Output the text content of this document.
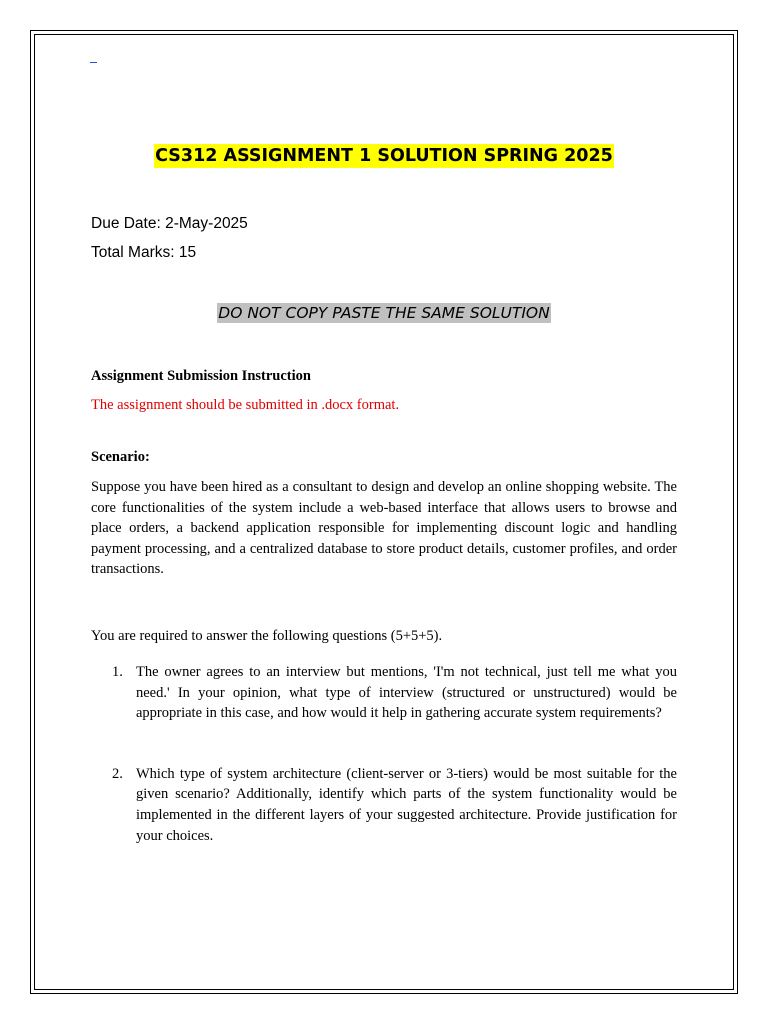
CS312 ASSIGNMENT 1 SOLUTION SPRING 2025
Due Date: 2-May-2025
Total Marks: 15
DO NOT COPY PASTE THE SAME SOLUTION
Assignment Submission Instruction
The assignment should be submitted in .docx format.
Scenario:
Suppose you have been hired as a consultant to design and develop an online shopping website. The core functionalities of the system include a web-based interface that allows users to browse and place orders, a backend application responsible for implementing discount logic and handling payment processing, and a centralized database to store product details, customer profiles, and order transactions.
You are required to answer the following questions (5+5+5).
1. The owner agrees to an interview but mentions, 'I'm not technical, just tell me what you need.' In your opinion, what type of interview (structured or unstructured) would be appropriate in this case, and how would it help in gathering accurate system requirements?
2. Which type of system architecture (client-server or 3-tiers) would be most suitable for the given scenario? Additionally, identify which parts of the system functionality would be implemented in the different layers of your suggested architecture. Provide justification for your choices.
